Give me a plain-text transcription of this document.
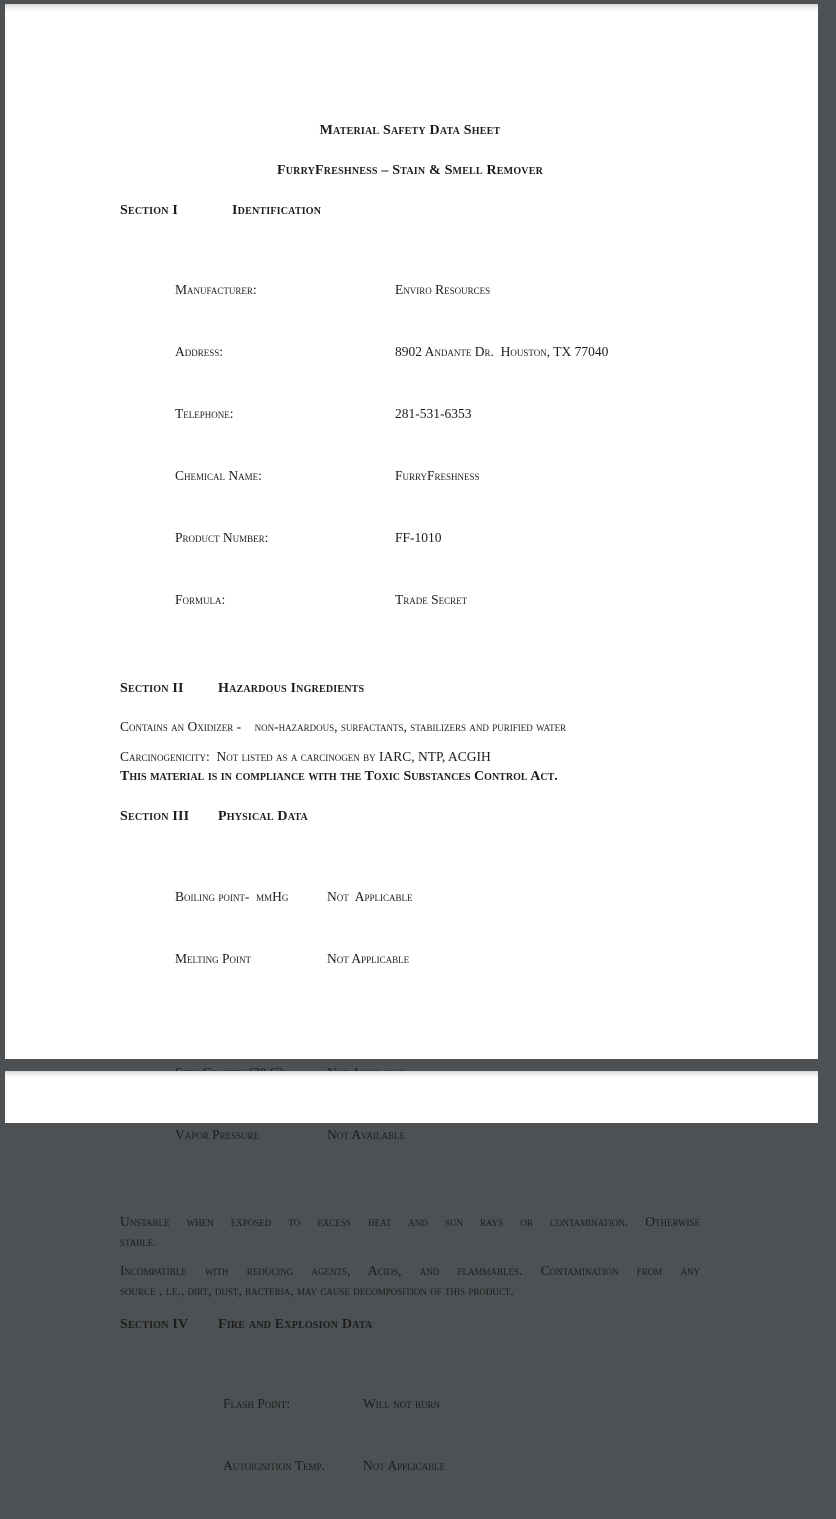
Material Safety Data Sheet
FurryFreshness – Stain & Smell Remover
Section I	Identification

Manufacturer:	Enviro Resources

Address:	8902 Andante Dr.  Houston, TX 77040

Telephone:	281-531-6353

Chemical Name:	FurryFreshness

Product Number:	FF-1010

Formula:	Trade Secret

Section II	Hazardous Ingredients
Contains an Oxidizer -    non-hazardous, surfactants, stabilizers and purified water
Carcinogenicity:  Not listed as a carcinogen by IARC, NTP, ACGIH
This material is in compliance with the Toxic Substances Control Act.
Section III	Physical Data

Boiling point-  mmHg	Not  Applicable

Melting Point	Not Applicable

Vapor Pressure	Not Available

Unstable when exposed to excess heat and sun rays or contamination. Otherwise
stable.
Incompatible with reducing agents, Acids, and flammables. Contamination from any
source , i.e., dirt, dust, bacteria, may cause decomposition of this product.
Section IV	Fire and Explosion Data

Flash Point:	Will not burn

Autoignition Temp.	Not Applicable
